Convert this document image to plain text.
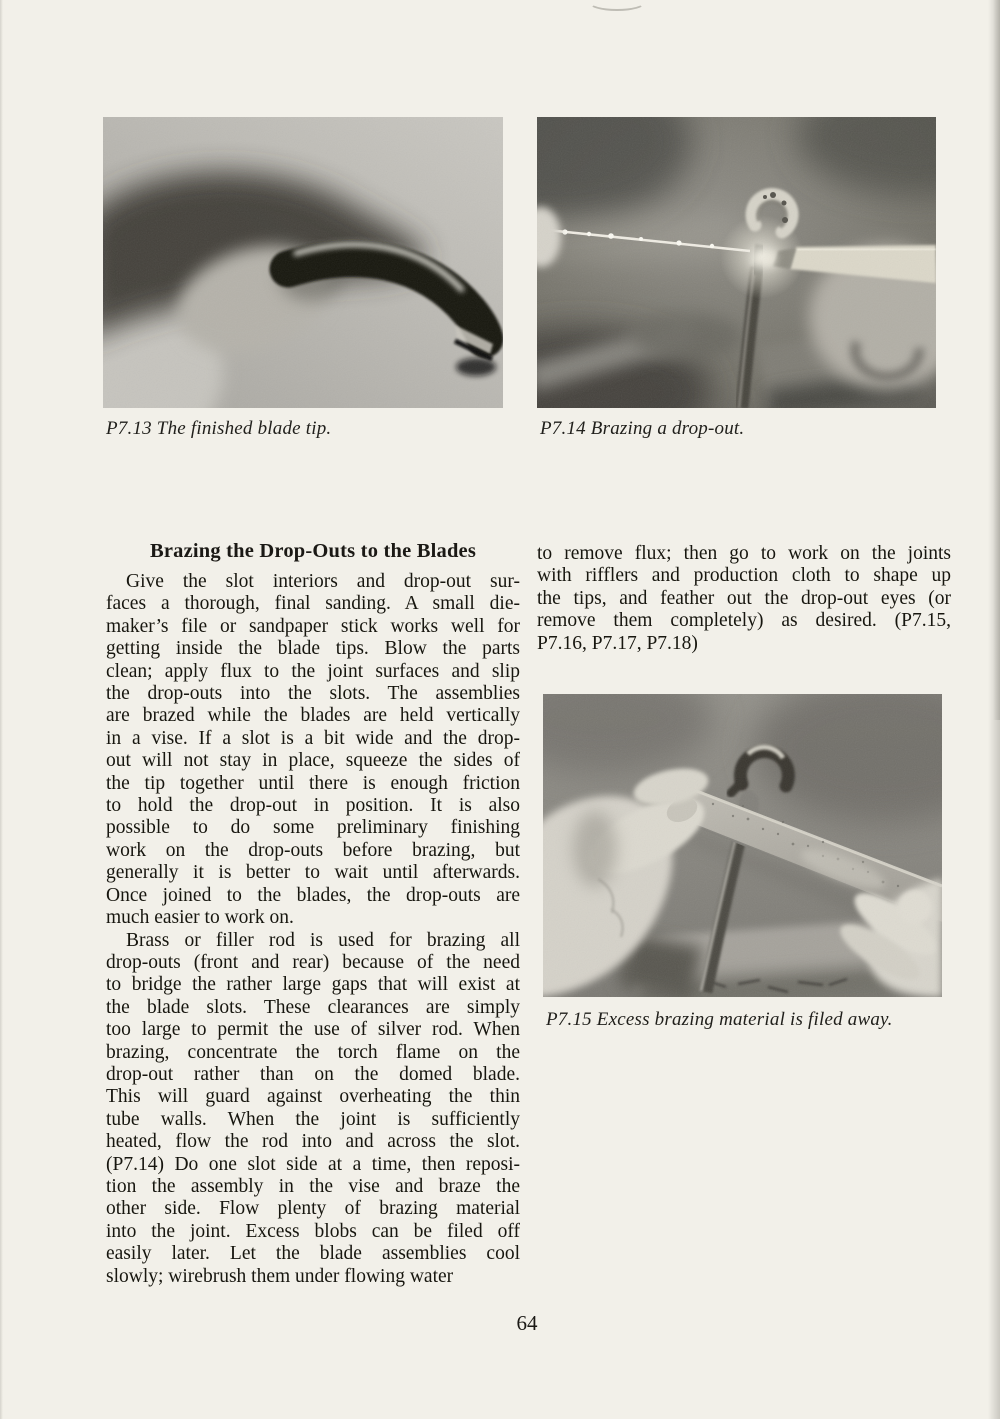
P7.13 The finished blade tip.	P7.14 Brazing a drop-out.
P7.15 Excess brazing material is filed away.
Brazing the Drop-Outs to the Blades
Give the slot interiors and drop-out sur-
faces a thorough, final sanding. A small die-
maker’s file or sandpaper stick works well for
getting inside the blade tips. Blow the parts
clean; apply flux to the joint surfaces and slip
the drop-outs into the slots. The assemblies
are brazed while the blades are held vertically
in a vise. If a slot is a bit wide and the drop-
out will not stay in place, squeeze the sides of
the tip together until there is enough friction
to hold the drop-out in position. It is also
possible to do some preliminary finishing
work on the drop-outs before brazing, but
generally it is better to wait until afterwards.
Once joined to the blades, the drop-outs are
much easier to work on.
Brass or filler rod is used for brazing all
drop-outs (front and rear) because of the need
to bridge the rather large gaps that will exist at
the blade slots. These clearances are simply
too large to permit the use of silver rod. When
brazing, concentrate the torch flame on the
drop-out rather than on the domed blade.
This will guard against overheating the thin
tube walls. When the joint is sufficiently
heated, flow the rod into and across the slot.
(P7.14) Do one slot side at a time, then reposi-
tion the assembly in the vise and braze the
other side. Flow plenty of brazing material
into the joint. Excess blobs can be filed off
easily later. Let the blade assemblies cool
slowly; wirebrush them under flowing water
to remove flux; then go to work on the joints
with rifflers and production cloth to shape up
the tips, and feather out the drop-out eyes (or
remove them completely) as desired. (P7.15,
P7.16, P7.17, P7.18)
64
